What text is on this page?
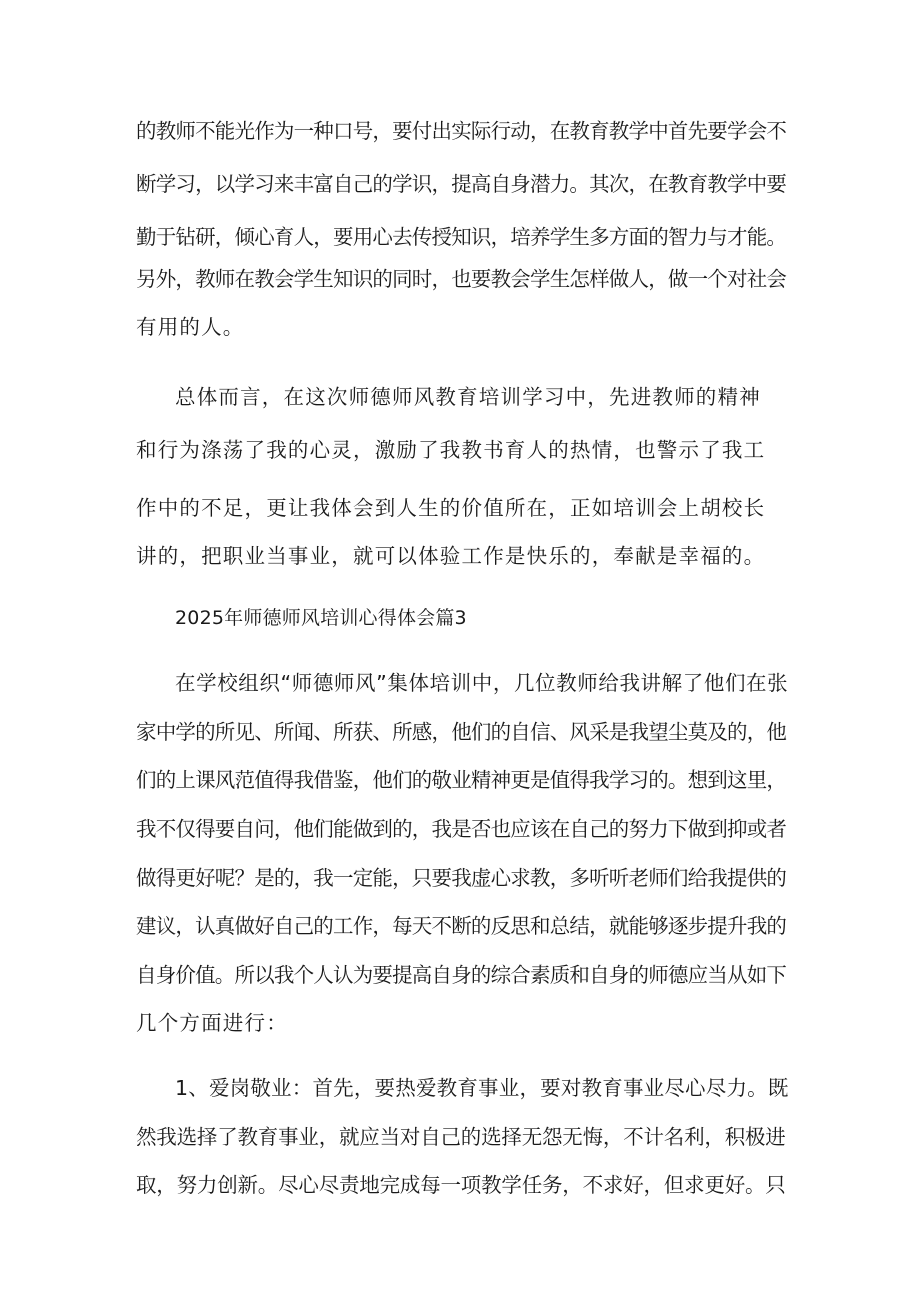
的教师不能光作为一种口号，要付出实际行动，在教育教学中首先要学会不
断学习，以学习来丰富自己的学识，提高自身潜力。其次，在教育教学中要
勤于钻研，倾心育人，要用心去传授知识，培养学生多方面的智力与才能。
另外，教师在教会学生知识的同时，也要教会学生怎样做人，做一个对社会
有用的人。
总体而言，在这次师德师风教育培训学习中，先进教师的精神
和行为涤荡了我的心灵，激励了我教书育人的热情，也警示了我工
作中的不足，更让我体会到人生的价值所在，正如培训会上胡校长
讲的，把职业当事业，就可以体验工作是快乐的，奉献是幸福的。
2025年师德师风培训心得体会篇3
在学校组织“师德师风”集体培训中，几位教师给我讲解了他们在张
家中学的所见、所闻、所获、所感，他们的自信、风采是我望尘莫及的，他
们的上课风范值得我借鉴，他们的敬业精神更是值得我学习的。想到这里，
我不仅得要自问，他们能做到的，我是否也应该在自己的努力下做到抑或者
做得更好呢？是的，我一定能，只要我虚心求教，多听听老师们给我提供的
建议，认真做好自己的工作，每天不断的反思和总结，就能够逐步提升我的
自身价值。所以我个人认为要提高自身的综合素质和自身的师德应当从如下
几个方面进行：
1、爱岗敬业：首先，要热爱教育事业，要对教育事业尽心尽力。既
然我选择了教育事业，就应当对自己的选择无怨无悔，不计名利，积极进
取，努力创新。尽心尽责地完成每一项教学任务，不求好，但求更好。只
